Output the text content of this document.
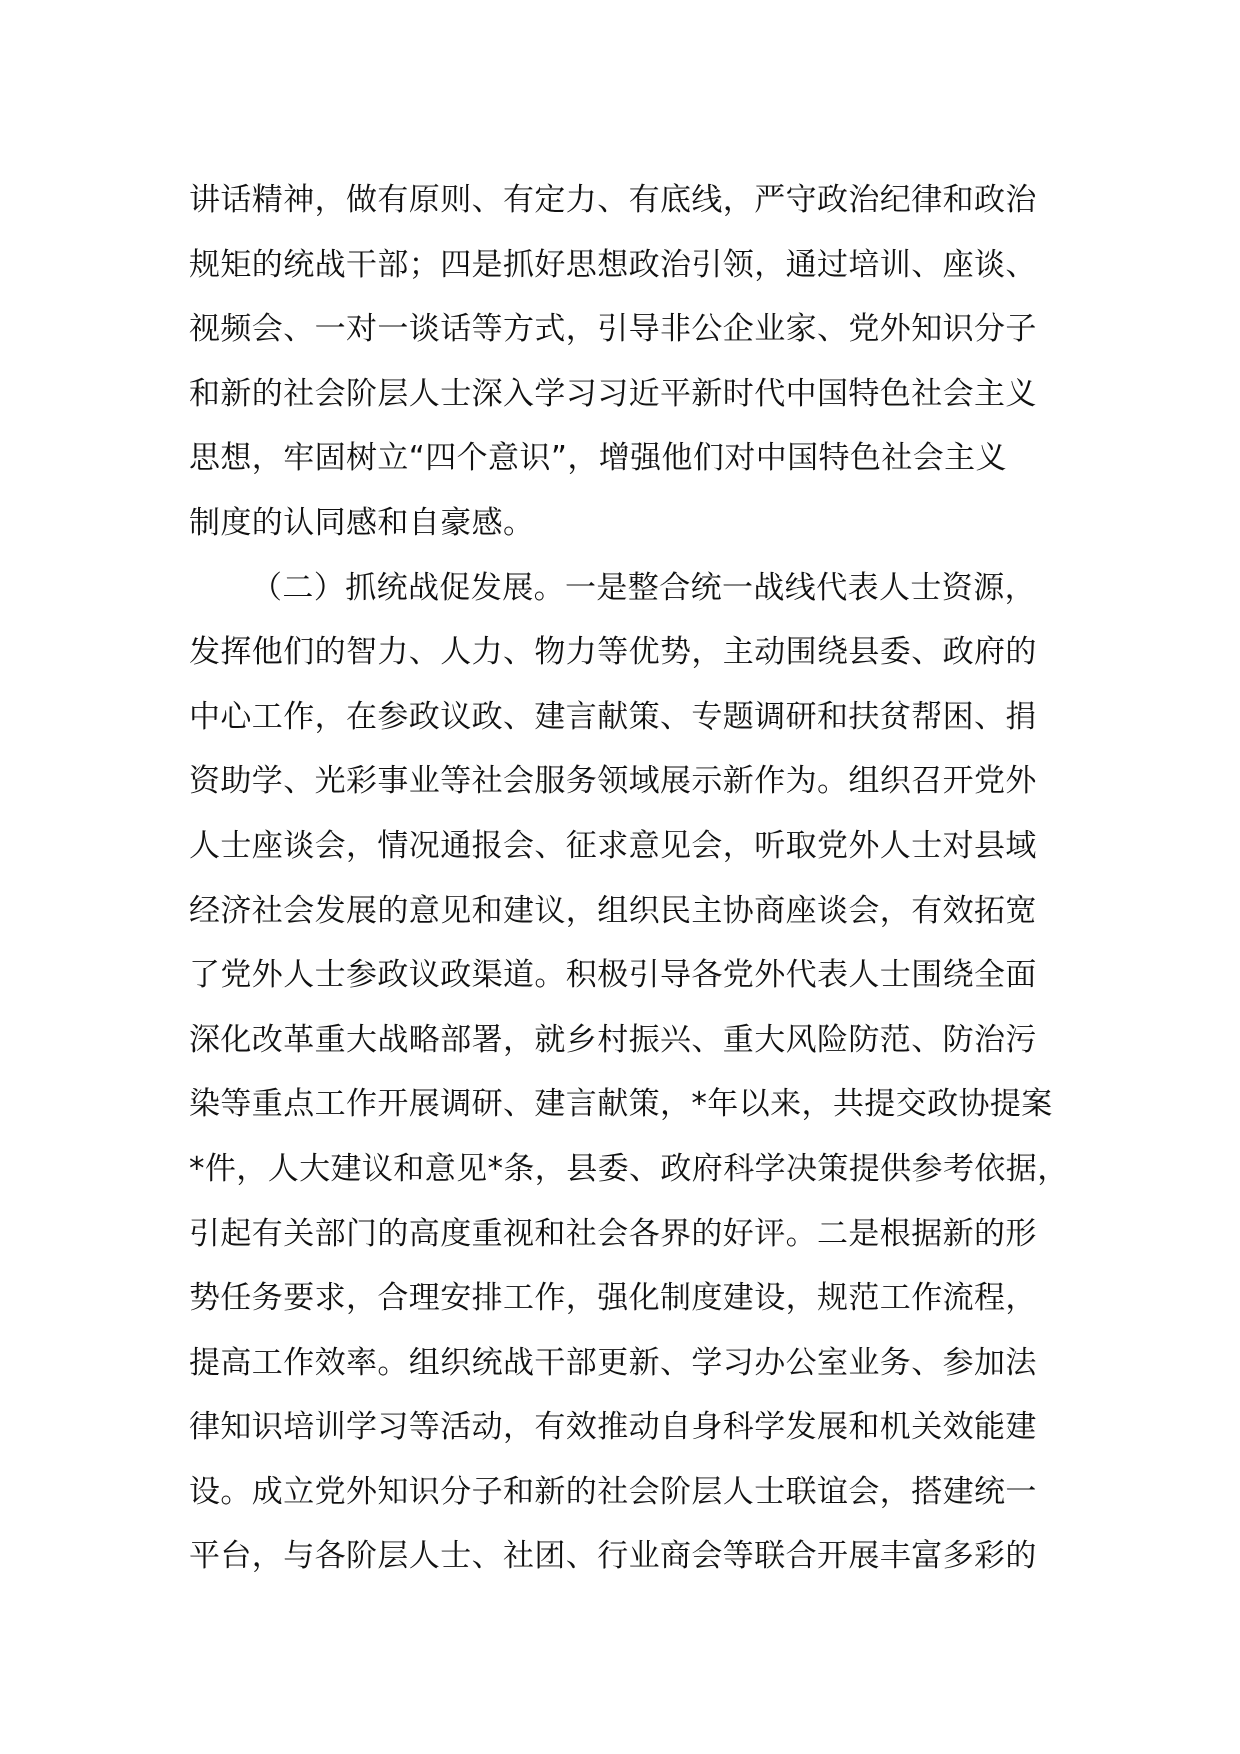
讲话精神，做有原则、有定力、有底线，严守政治纪律和政治
规矩的统战干部；四是抓好思想政治引领，通过培训、座谈、
视频会、一对一谈话等方式，引导非公企业家、党外知识分子
和新的社会阶层人士深入学习习近平新时代中国特色社会主义
思想，牢固树立“四个意识”，增强他们对中国特色社会主义
制度的认同感和自豪感。
（二）抓统战促发展。一是整合统一战线代表人士资源，
发挥他们的智力、人力、物力等优势，主动围绕县委、政府的
中心工作，在参政议政、建言献策、专题调研和扶贫帮困、捐
资助学、光彩事业等社会服务领域展示新作为。组织召开党外
人士座谈会，情况通报会、征求意见会，听取党外人士对县域
经济社会发展的意见和建议，组织民主协商座谈会，有效拓宽
了党外人士参政议政渠道。积极引导各党外代表人士围绕全面
深化改革重大战略部署，就乡村振兴、重大风险防范、防治污
染等重点工作开展调研、建言献策，*年以来，共提交政协提案
*件，人大建议和意见*条，县委、政府科学决策提供参考依据，
引起有关部门的高度重视和社会各界的好评。二是根据新的形
势任务要求，合理安排工作，强化制度建设，规范工作流程，
提高工作效率。组织统战干部更新、学习办公室业务、参加法
律知识培训学习等活动，有效推动自身科学发展和机关效能建
设。成立党外知识分子和新的社会阶层人士联谊会，搭建统一
平台，与各阶层人士、社团、行业商会等联合开展丰富多彩的
